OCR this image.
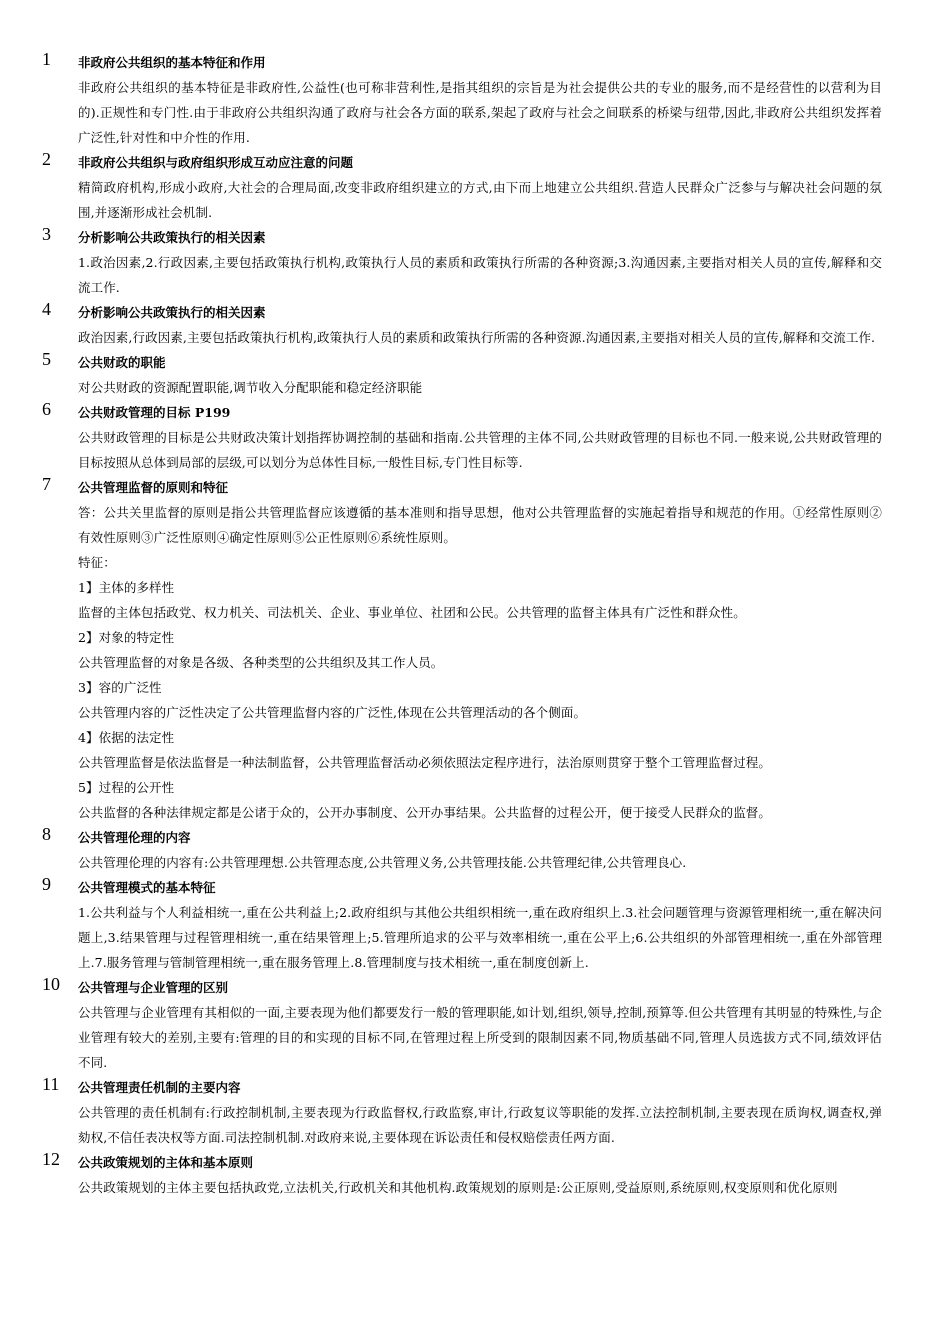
1	非政府公共组织的基本特征和作用
非政府公共组织的基本特征是非政府性,公益性(也可称非营利性,是指其组织的宗旨是为社会提供公共的专业的服务,而不是经营性的以营利为目的).正规性和专门性.由于非政府公共组织沟通了政府与社会各方面的联系,架起了政府与社会之间联系的桥梁与纽带,因此,非政府公共组织发挥着广泛性,针对性和中介性的作用.
2	非政府公共组织与政府组织形成互动应注意的问题
精简政府机构,形成小政府,大社会的合理局面,改变非政府组织建立的方式,由下而上地建立公共组织.营造人民群众广泛参与与解决社会问题的氛围,并逐渐形成社会机制.
3	分析影响公共政策执行的相关因素
1.政治因素,2.行政因素,主要包括政策执行机构,政策执行人员的素质和政策执行所需的各种资源;3.沟通因素,主要指对相关人员的宣传,解释和交流工作.
4	分析影响公共政策执行的相关因素
政治因素,行政因素,主要包括政策执行机构,政策执行人员的素质和政策执行所需的各种资源.沟通因素,主要指对相关人员的宣传,解释和交流工作.
5	公共财政的职能
对公共财政的资源配置职能,调节收入分配职能和稳定经济职能
6	公共财政管理的目标 P199
公共财政管理的目标是公共财政决策计划指挥协调控制的基础和指南.公共管理的主体不同,公共财政管理的目标也不同.一般来说,公共财政管理的目标按照从总体到局部的层级,可以划分为总体性目标,一般性目标,专门性目标等.
7	公共管理监督的原则和特征
答：公共关里监督的原则是指公共管理监督应该遵循的基本准则和指导思想，他对公共管理监督的实施起着指导和规范的作用。①经常性原则②有效性原则③广泛性原则④确定性原则⑤公正性原则⑥系统性原则。
特征：
1】主体的多样性
监督的主体包括政党、权力机关、司法机关、企业、事业单位、社团和公民。公共管理的监督主体具有广泛性和群众性。
2】对象的特定性
公共管理监督的对象是各级、各种类型的公共组织及其工作人员。
3】容的广泛性
公共管理内容的广泛性决定了公共管理监督内容的广泛性,体现在公共管理活动的各个侧面。
4】依据的法定性
公共管理监督是依法监督是一种法制监督，公共管理监督活动必须依照法定程序进行，法治原则贯穿于整个工管理监督过程。
5】过程的公开性
公共监督的各种法律规定都是公诸于众的，公开办事制度、公开办事结果。公共监督的过程公开，便于接受人民群众的监督。
8	公共管理伦理的内容
公共管理伦理的内容有:公共管理理想.公共管理态度,公共管理义务,公共管理技能.公共管理纪律,公共管理良心.
9	公共管理模式的基本特征
1.公共利益与个人利益相统一,重在公共利益上;2.政府组织与其他公共组织相统一,重在政府组织上.3.社会问题管理与资源管理相统一,重在解决问题上,3.结果管理与过程管理相统一,重在结果管理上;5.管理所追求的公平与效率相统一,重在公平上;6.公共组织的外部管理相统一,重在外部管理上.7.服务管理与管制管理相统一,重在服务管理上.8.管理制度与技术相统一,重在制度创新上.
10	公共管理与企业管理的区别
公共管理与企业管理有其相似的一面,主要表现为他们都要发行一般的管理职能,如计划,组织,领导,控制,预算等.但公共管理有其明显的特殊性,与企业管理有较大的差别,主要有:管理的目的和实现的目标不同,在管理过程上所受到的限制因素不同,物质基础不同,管理人员选拔方式不同,绩效评估不同.
11	公共管理责任机制的主要内容
公共管理的责任机制有:行政控制机制,主要表现为行政监督权,行政监察,审计,行政复议等职能的发挥.立法控制机制,主要表现在质询权,调查权,弹劾权,不信任表决权等方面.司法控制机制.对政府来说,主要体现在诉讼责任和侵权赔偿责任两方面.
12	公共政策规划的主体和基本原则
公共政策规划的主体主要包括执政党,立法机关,行政机关和其他机构.政策规划的原则是:公正原则,受益原则,系统原则,权变原则和优化原则
